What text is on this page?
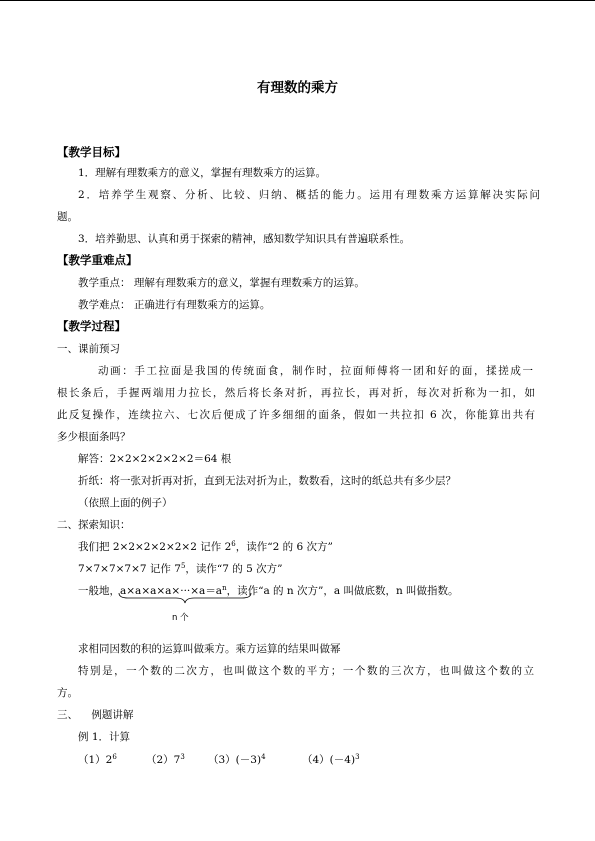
有理数的乘方
【教学目标】
1．理解有理数乘方的意义，掌握有理数乘方的运算。
2．培养学生观察、分析、比较、归纳、概括的能力。运用有理数乘方运算解决实际问
题。
3．培养勤思、认真和勇于探索的精神，感知数学知识具有普遍联系性。
【教学重难点】
教学重点： 理解有理数乘方的意义，掌握有理数乘方的运算。
教学难点： 正确进行有理数乘方的运算。
【教学过程】
一、课前预习
动画：手工拉面是我国的传统面食，制作时，拉面师傅将一团和好的面，揉搓成一
根长条后，手握两端用力拉长，然后将长条对折，再拉长，再对折，每次对折称为一扣，如
此反复操作，连续拉六、七次后便成了许多细细的面条，假如一共拉扣 6 次，你能算出共有
多少根面条吗？
解答：2×2×2×2×2×2＝64 根
折纸：将一张对折再对折，直到无法对折为止，数数看，这时的纸总共有多少层？
（依照上面的例子）
二、探索知识：
我们把 2×2×2×2×2×2 记作 $2^6$，读作“2 的 6 次方”
7×7×7×7×7 记作 $7^5$，读作“7 的 5 次方”
一般地，$a\times a\times a\times a\times\cdot\cdot\cdot\times a=a^n$，读作“a 的 n 次方”，a 叫做底数，n 叫做指数。
n 个
求相同因数的积的运算叫做乘方。乘方运算的结果叫做幂
特别是，一个数的二次方，也叫做这个数的平方；一个数的三次方，也叫做这个数的立
方。
三、    例题讲解
例 1．计算
$(1)2^6$	$(2)7^3$ $(3)(-3)^4$	$(4)(-4)^3$
